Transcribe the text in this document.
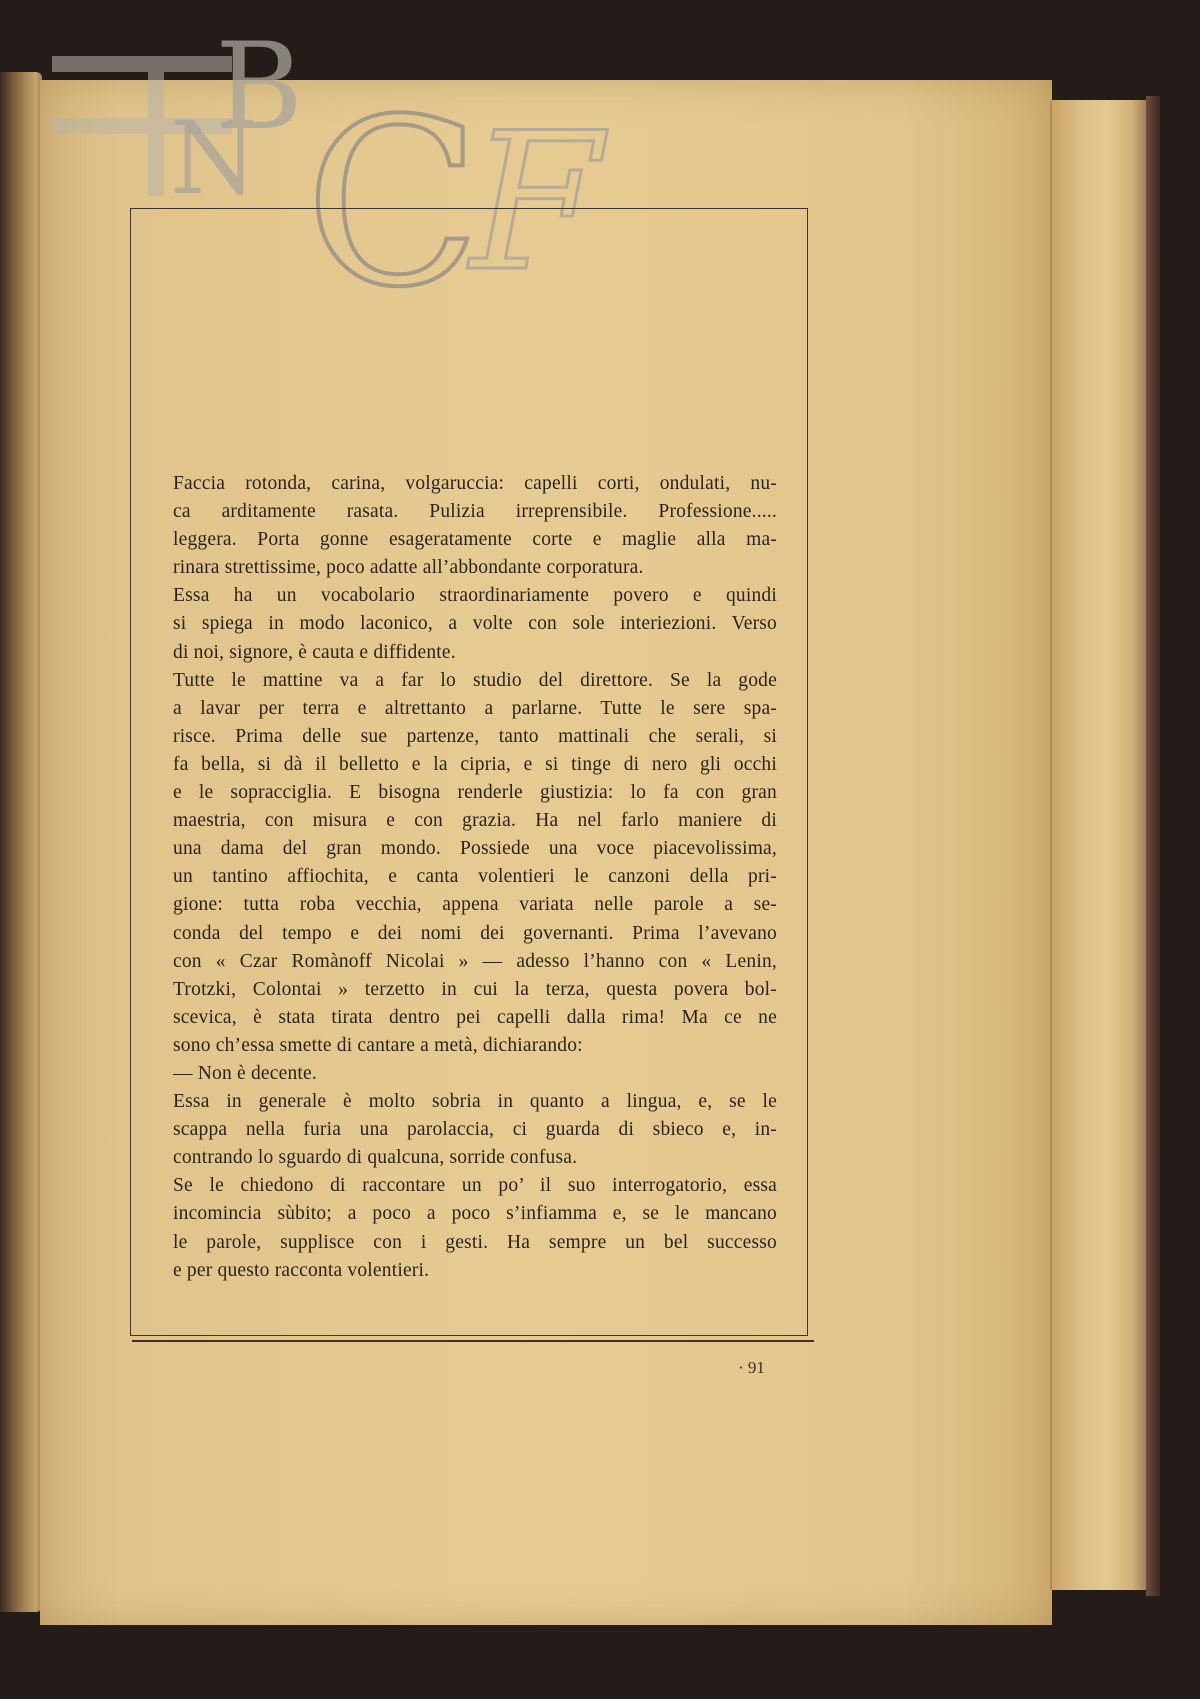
B
N C
F
Faccia rotonda, carina, volgaruccia: capelli corti, ondulati, nu-
ca arditamente rasata. Pulizia irreprensibile. Professione.....
leggera. Porta gonne esageratamente corte e maglie alla ma-
rinara strettissime, poco adatte all’abbondante corporatura.
Essa ha un vocabolario straordinariamente povero e quindi
si spiega in modo laconico, a volte con sole interiezioni. Verso
di noi, signore, è cauta e diffidente.
Tutte le mattine va a far lo studio del direttore. Se la gode
a lavar per terra e altrettanto a parlarne. Tutte le sere spa-
risce. Prima delle sue partenze, tanto mattinali che serali, si
fa bella, si dà il belletto e la cipria, e si tinge di nero gli occhi
e le sopracciglia. E bisogna renderle giustizia: lo fa con gran
maestria, con misura e con grazia. Ha nel farlo maniere di
una dama del gran mondo. Possiede una voce piacevolissima,
un tantino affiochita, e canta volentieri le canzoni della pri-
gione: tutta roba vecchia, appena variata nelle parole a se-
conda del tempo e dei nomi dei governanti. Prima l’avevano
con « Czar Romànoff Nicolai » — adesso l’hanno con « Lenin,
Trotzki, Colontai » terzetto in cui la terza, questa povera bol-
scevica, è stata tirata dentro pei capelli dalla rima! Ma ce ne
sono ch’essa smette di cantare a metà, dichiarando:
— Non è decente.
Essa in generale è molto sobria in quanto a lingua, e, se le
scappa nella furia una parolaccia, ci guarda di sbieco e, in-
contrando lo sguardo di qualcuna, sorride confusa.
Se le chiedono di raccontare un po’ il suo interrogatorio, essa
incomincia sùbito; a poco a poco s’infiamma e, se le mancano
le parole, supplisce con i gesti. Ha sempre un bel successo
e per questo racconta volentieri.
· 91
